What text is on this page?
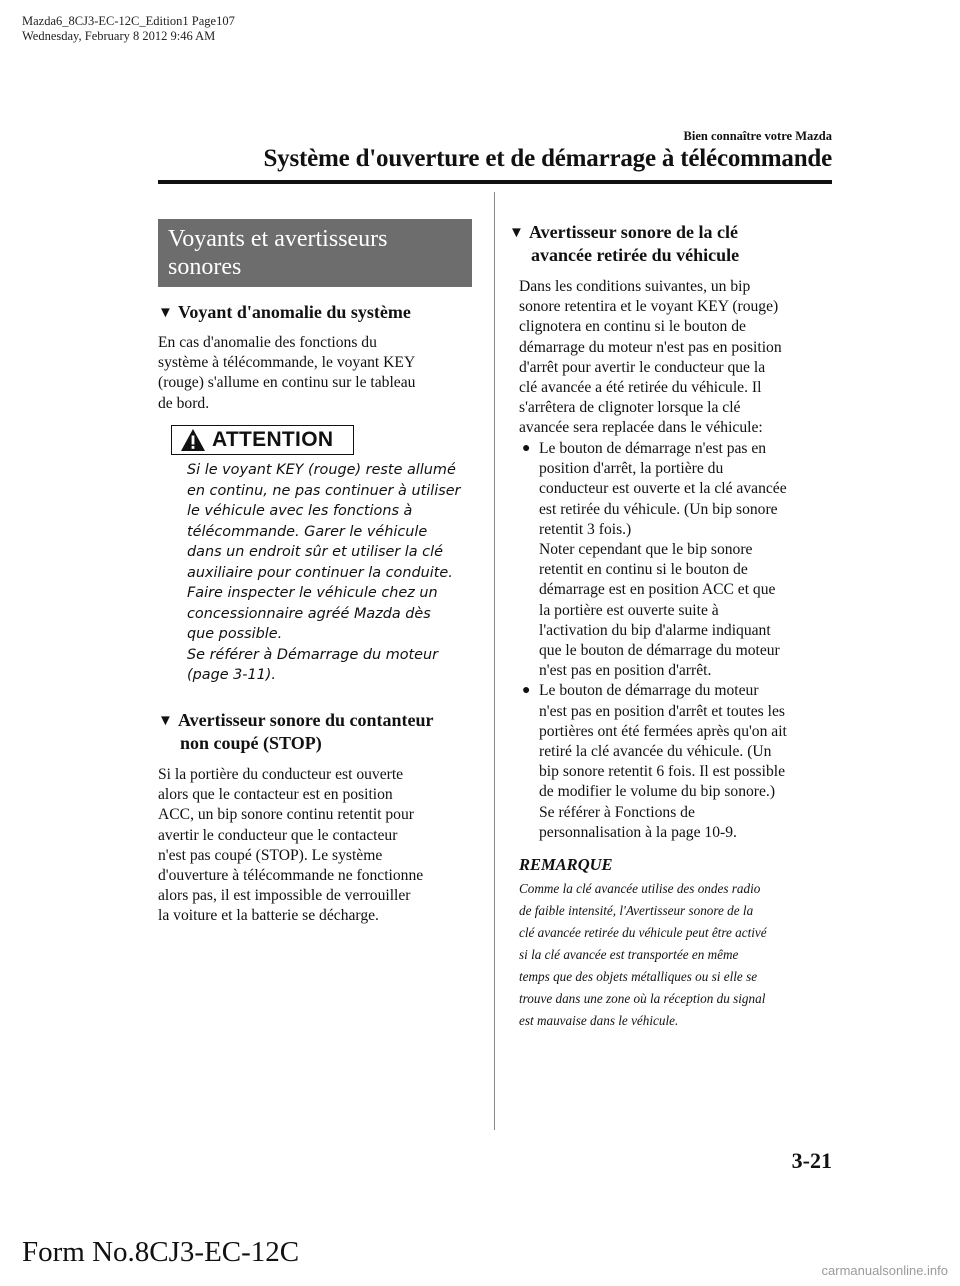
Mazda6_8CJ3-EC-12C_Edition1 Page107
Wednesday, February 8 2012 9:46 AM
Bien connaître votre Mazda
Système d'ouverture et de démarrage à télécommande
Voyants et avertisseurs
sonores
▼ Voyant d'anomalie du système
En cas d'anomalie des fonctions du
système à télécommande, le voyant KEY
(rouge) s'allume en continu sur le tableau
de bord.
ATTENTION
Si le voyant KEY (rouge) reste allumé
en continu, ne pas continuer à utiliser
le véhicule avec les fonctions à
télécommande. Garer le véhicule
dans un endroit sûr et utiliser la clé
auxiliaire pour continuer la conduite.
Faire inspecter le véhicule chez un
concessionnaire agréé Mazda dès
que possible.
Se référer à Démarrage du moteur
(page 3-11).
▼ Avertisseur sonore du contanteur
non coupé (STOP)
Si la portière du conducteur est ouverte
alors que le contacteur est en position
ACC, un bip sonore continu retentit pour
avertir le conducteur que le contacteur
n'est pas coupé (STOP). Le système
d'ouverture à télécommande ne fonctionne
alors pas, il est impossible de verrouiller
la voiture et la batterie se décharge.
▼ Avertisseur sonore de la clé
avancée retirée du véhicule
Dans les conditions suivantes, un bip
sonore retentira et le voyant KEY (rouge)
clignotera en continu si le bouton de
démarrage du moteur n'est pas en position
d'arrêt pour avertir le conducteur que la
clé avancée a été retirée du véhicule. Il
s'arrêtera de clignoter lorsque la clé
avancée sera replacée dans le véhicule:
● Le bouton de démarrage n'est pas en
position d'arrêt, la portière du
conducteur est ouverte et la clé avancée
est retirée du véhicule. (Un bip sonore
retentit 3 fois.)
Noter cependant que le bip sonore
retentit en continu si le bouton de
démarrage est en position ACC et que
la portière est ouverte suite à
l'activation du bip d'alarme indiquant
que le bouton de démarrage du moteur
n'est pas en position d'arrêt.
● Le bouton de démarrage du moteur
n'est pas en position d'arrêt et toutes les
portières ont été fermées après qu'on ait
retiré la clé avancée du véhicule. (Un
bip sonore retentit 6 fois. Il est possible
de modifier le volume du bip sonore.)
Se référer à Fonctions de
personnalisation à la page 10-9.
REMARQUE
Comme la clé avancée utilise des ondes radio
de faible intensité, l'Avertisseur sonore de la
clé avancée retirée du véhicule peut être activé
si la clé avancée est transportée en même
temps que des objets métalliques ou si elle se
trouve dans une zone où la réception du signal
est mauvaise dans le véhicule.
3-21
Form No.8CJ3-EC-12C
carmanualsonline.info
